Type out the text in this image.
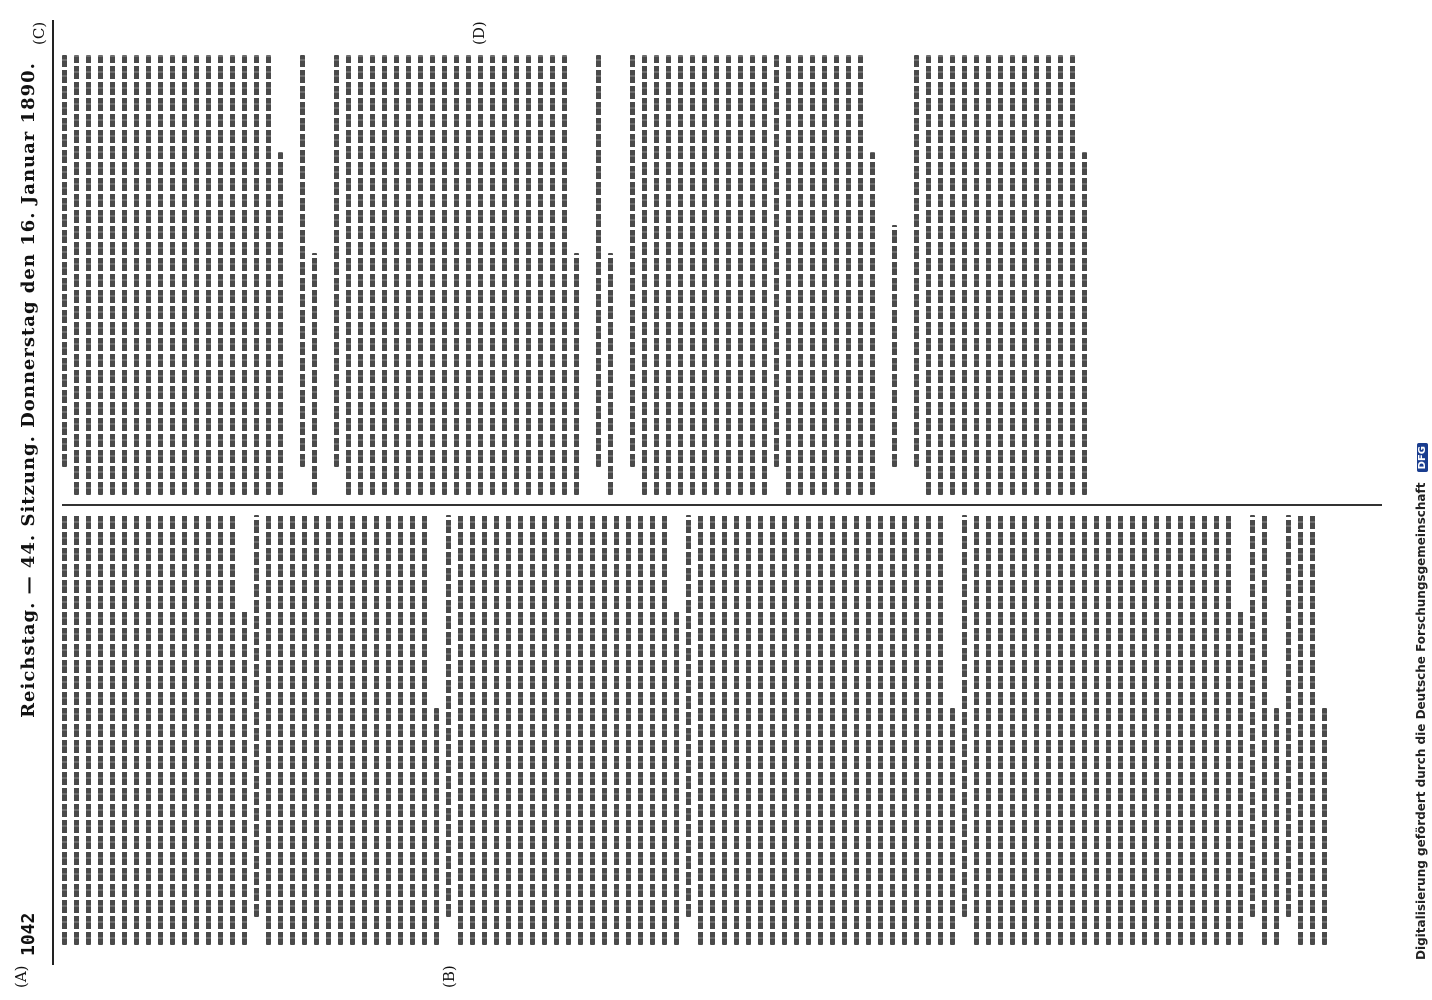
1042
Reichstag. — 44. Sitzung. Donnerstag den 16. Januar 1890.
(A)	(B)
(C)	(D)
Digitalisierung gefördert durch die Deutsche Forschungsgemeinschaft DFG
